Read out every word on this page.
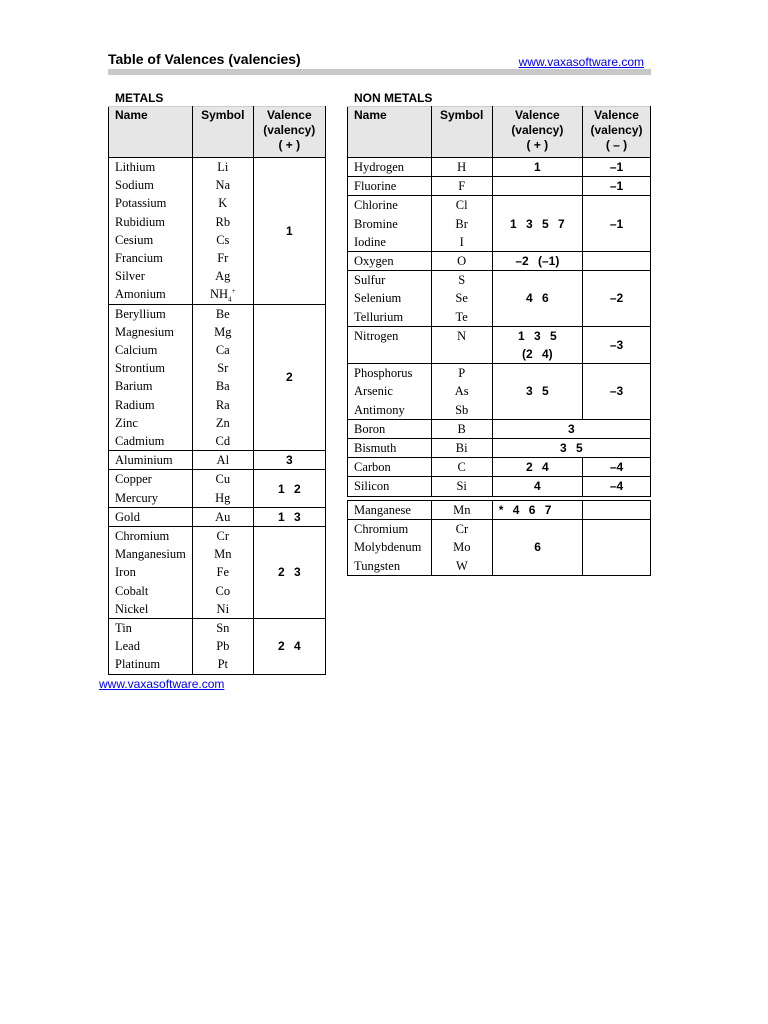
Table of Valences (valencies)	www.vaxasoftware.com
METALS	NON METALS
Name	Symbol	Valence
(valency)
( + )

Lithium	Li	1
Sodium	Na	
Potassium	K	
Rubidium	Rb	
Cesium	Cs	
Francium	Fr	
Silver	Ag	
Amonium	$NH_4^+$
Beryllium	Be	2
Magnesium	Mg	
Calcium	Ca	
Strontium	Sr	
Barium	Ba	
Radium	Ra	
Zinc	Zn	
Cadmium	Cd	
Aluminium	Al	3
Copper	Cu	1 2
Mercury	Hg	
Gold	Au	1 3
Chromium	Cr	2 3
Manganesium	Mn	
Iron	Fe	
Cobalt	Co	
Nickel	Ni	
Tin	Sn	2 4
Lead	Pb	
Platinum	Pt	
Name	Symbol	Valence
(valency)
( + )	Valence
(valency)
( – )

Hydrogen	H	1	–1
Fluorine	F		–1
Chlorine	Cl	1 3 5 7	–1
Bromine	Br		
Iodine	I		
Oxygen	O	–2 (–1)	
Sulfur	S	4 6	–2
Selenium	Se		
Tellurium	Te		
Nitrogen	N	1 3 5	–3
		(2 4)	
Phosphorus	P	3 5	–3
Arsenic	As		
Antimony	Sb		
Boron	B	3	
Bismuth	Bi	3 5	
Carbon	C	2 4	–4
Silicon	Si	4	–4
Manganese	Mn	* 4 6 7	
Chromium	Cr	6	
Molybdenum	Mo		
Tungsten	W		
www.vaxasoftware.com
